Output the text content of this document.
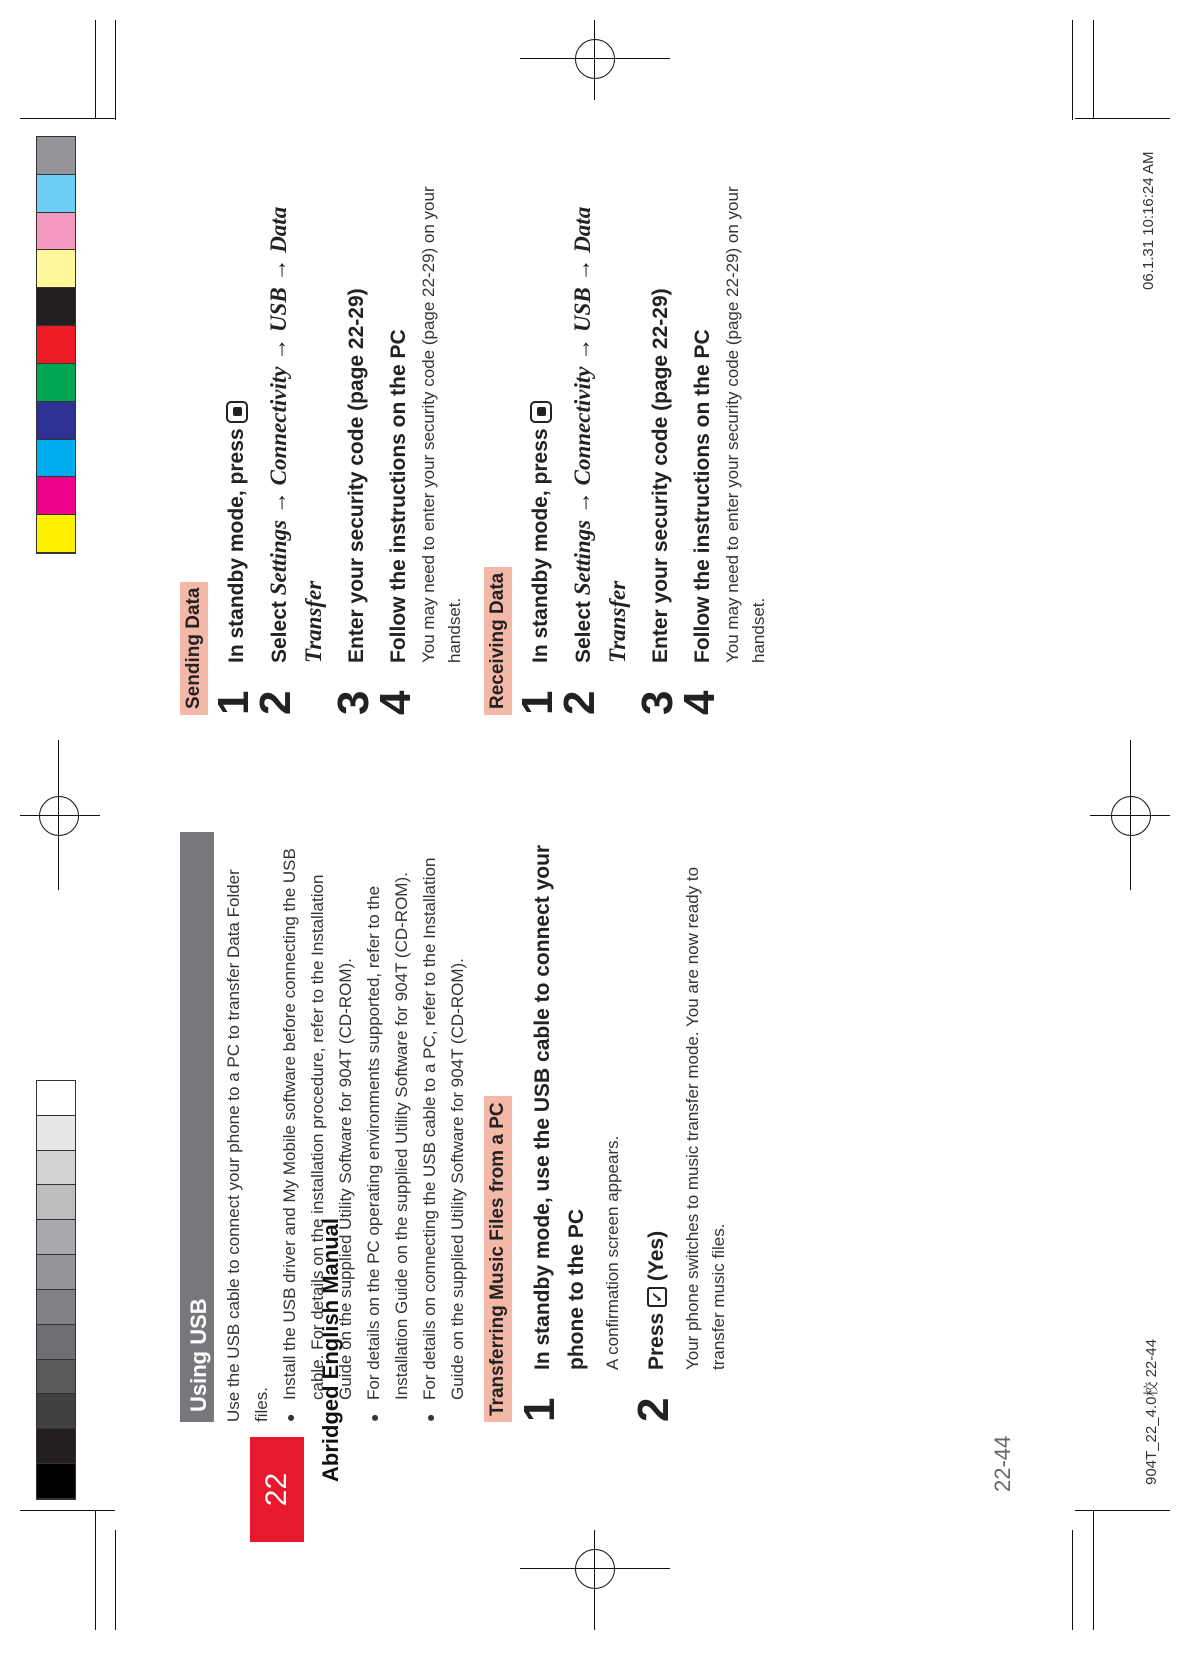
22
Abridged English Manual	22-44	904T_22_4.0校 22-44
06.1.31 10:16:24 AM
Using USB Use the USB cable to connect your phone to a PC to transfer Data Folder files.
● Install the USB driver and My Mobile software before connecting the USB cable. For details on the installation procedure, refer to the Installation Guide on the supplied Utility Software for 904T (CD-ROM). ● For details on the PC operating environments supported, refer to the Installation Guide on the supplied Utility Software for 904T (CD-ROM). ● For details on connecting the USB cable to a PC, refer to the Installation Guide on the supplied Utility Software for 904T (CD-ROM). Transferring Music Files from a PC 1
In standby mode, use the USB cable to connect your phone to the PC A confirmation screen appears.
2
Press ✓ (Yes) Your phone switches to music transfer mode. You are now ready to transfer music files.
Sending Data 1
In standby mode, press
2
Select Settings → Connectivity → USB → Data Transfer
3
Enter your security code (page 22-29)
4
Follow the instructions on the PC You may need to enter your security code (page 22-29) on your handset. Receiving Data 1
In standby mode, press
2
Select Settings → Connectivity → USB → Data Transfer
3
Enter your security code (page 22-29)
4
Follow the instructions on the PC You may need to enter your security code (page 22-29) on your handset.
